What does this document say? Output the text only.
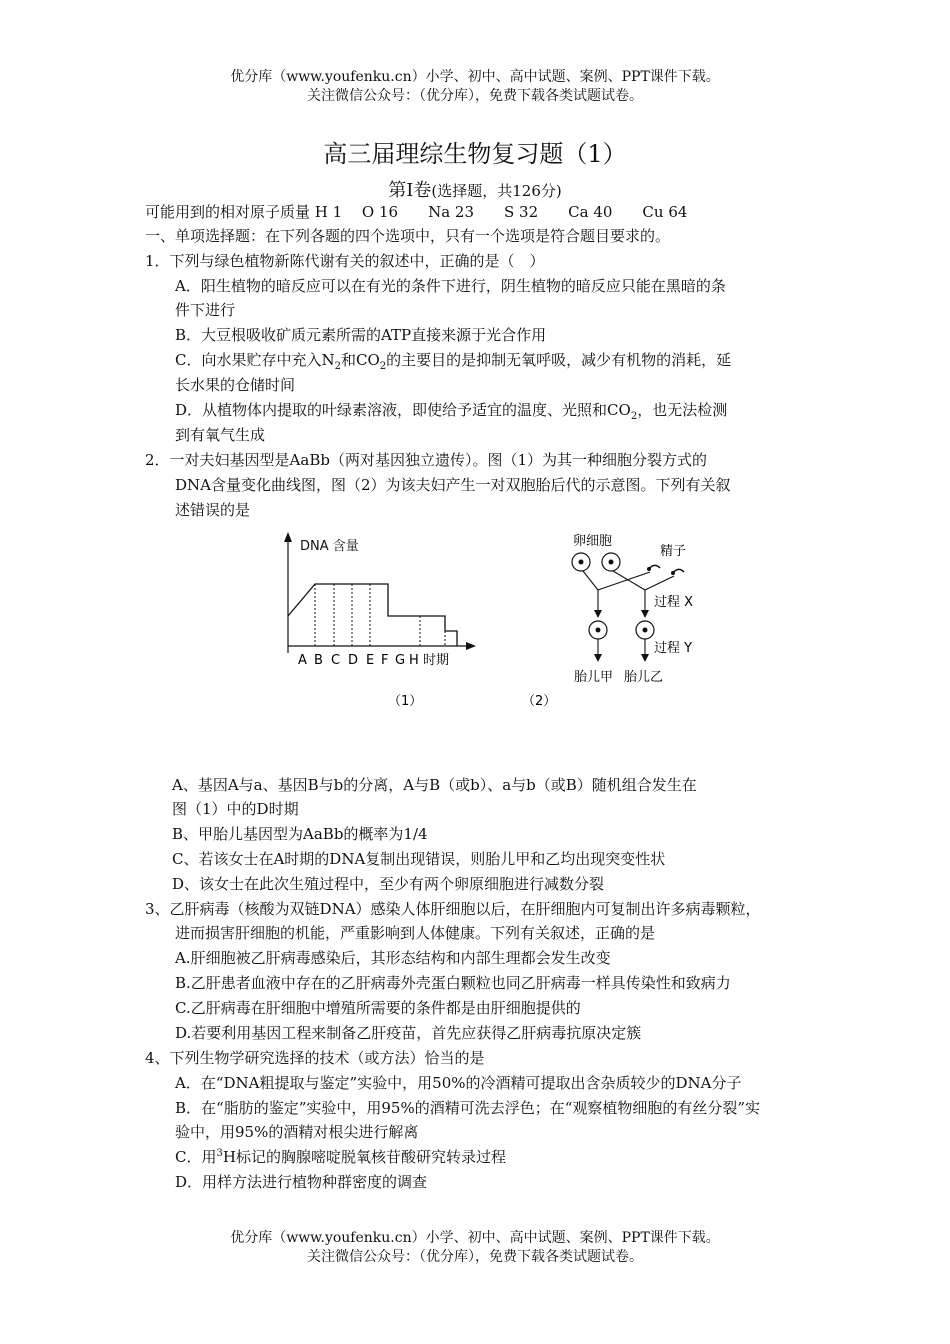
优分库（www.youfenku.cn）小学、初中、高中试题、案例、PPT课件下载。
关注微信公众号：（优分库），免费下载各类试题试卷。
高三届理综生物复习题（1）
第Ⅰ卷(选择题，共126分)
可能用到的相对原子质量 H 1　 O 16　　Na 23　　S 32　　Ca 40　　Cu 64
一、单项选择题：在下列各题的四个选项中，只有一个选项是符合题目要求的。
1．下列与绿色植物新陈代谢有关的叙述中，正确的是（　）
A．阳生植物的暗反应可以在有光的条件下进行，阴生植物的暗反应只能在黑暗的条
件下进行
B．大豆根吸收矿质元素所需的ATP直接来源于光合作用
C．向水果贮存中充入$N_2$和$CO_2$的主要目的是抑制无氧呼吸，减少有机物的消耗，延
长水果的仓储时间
D．从植物体内提取的叶绿素溶液，即使给予适宜的温度、光照和$CO_2$，也无法检测
到有氧气生成
2．一对夫妇基因型是AaBb（两对基因独立遗传）。图（1）为其一种细胞分裂方式的
DNA含量变化曲线图，图（2）为该夫妇产生一对双胞胎后代的示意图。下列有关叙
述错误的是
DNA 含量
A B C D E F G H 时期
（1）
卵细胞
精子
过程 X
过程 Y
胎儿甲 胎儿乙
（2）
A、基因A与a、基因B与b的分离，A与B（或b）、a与b（或B）随机组合发生在
图（1）中的D时期
B、甲胎儿基因型为AaBb的概率为1/4
C、若该女士在A时期的DNA复制出现错误，则胎儿甲和乙均出现突变性状
D、该女士在此次生殖过程中，至少有两个卵原细胞进行减数分裂
3、乙肝病毒（核酸为双链DNA）感染人体肝细胞以后，在肝细胞内可复制出许多病毒颗粒，
进而损害肝细胞的机能，严重影响到人体健康。下列有关叙述，正确的是
A.肝细胞被乙肝病毒感染后，其形态结构和内部生理都会发生改变
B.乙肝患者血液中存在的乙肝病毒外壳蛋白颗粒也同乙肝病毒一样具传染性和致病力
C.乙肝病毒在肝细胞中增殖所需要的条件都是由肝细胞提供的
D.若要利用基因工程来制备乙肝疫苗，首先应获得乙肝病毒抗原决定簇
4、下列生物学研究选择的技术（或方法）恰当的是
A．在“DNA粗提取与鉴定”实验中，用50%的冷酒精可提取出含杂质较少的DNA分子
B．在“脂肪的鉴定”实验中，用95%的酒精可洗去浮色；在“观察植物细胞的有丝分裂”实
验中，用95%的酒精对根尖进行解离
C．用$^3$H标记的胸腺嘧啶脱氧核苷酸研究转录过程
D．用样方法进行植物种群密度的调查
优分库（www.youfenku.cn）小学、初中、高中试题、案例、PPT课件下载。
关注微信公众号：（优分库），免费下载各类试题试卷。
